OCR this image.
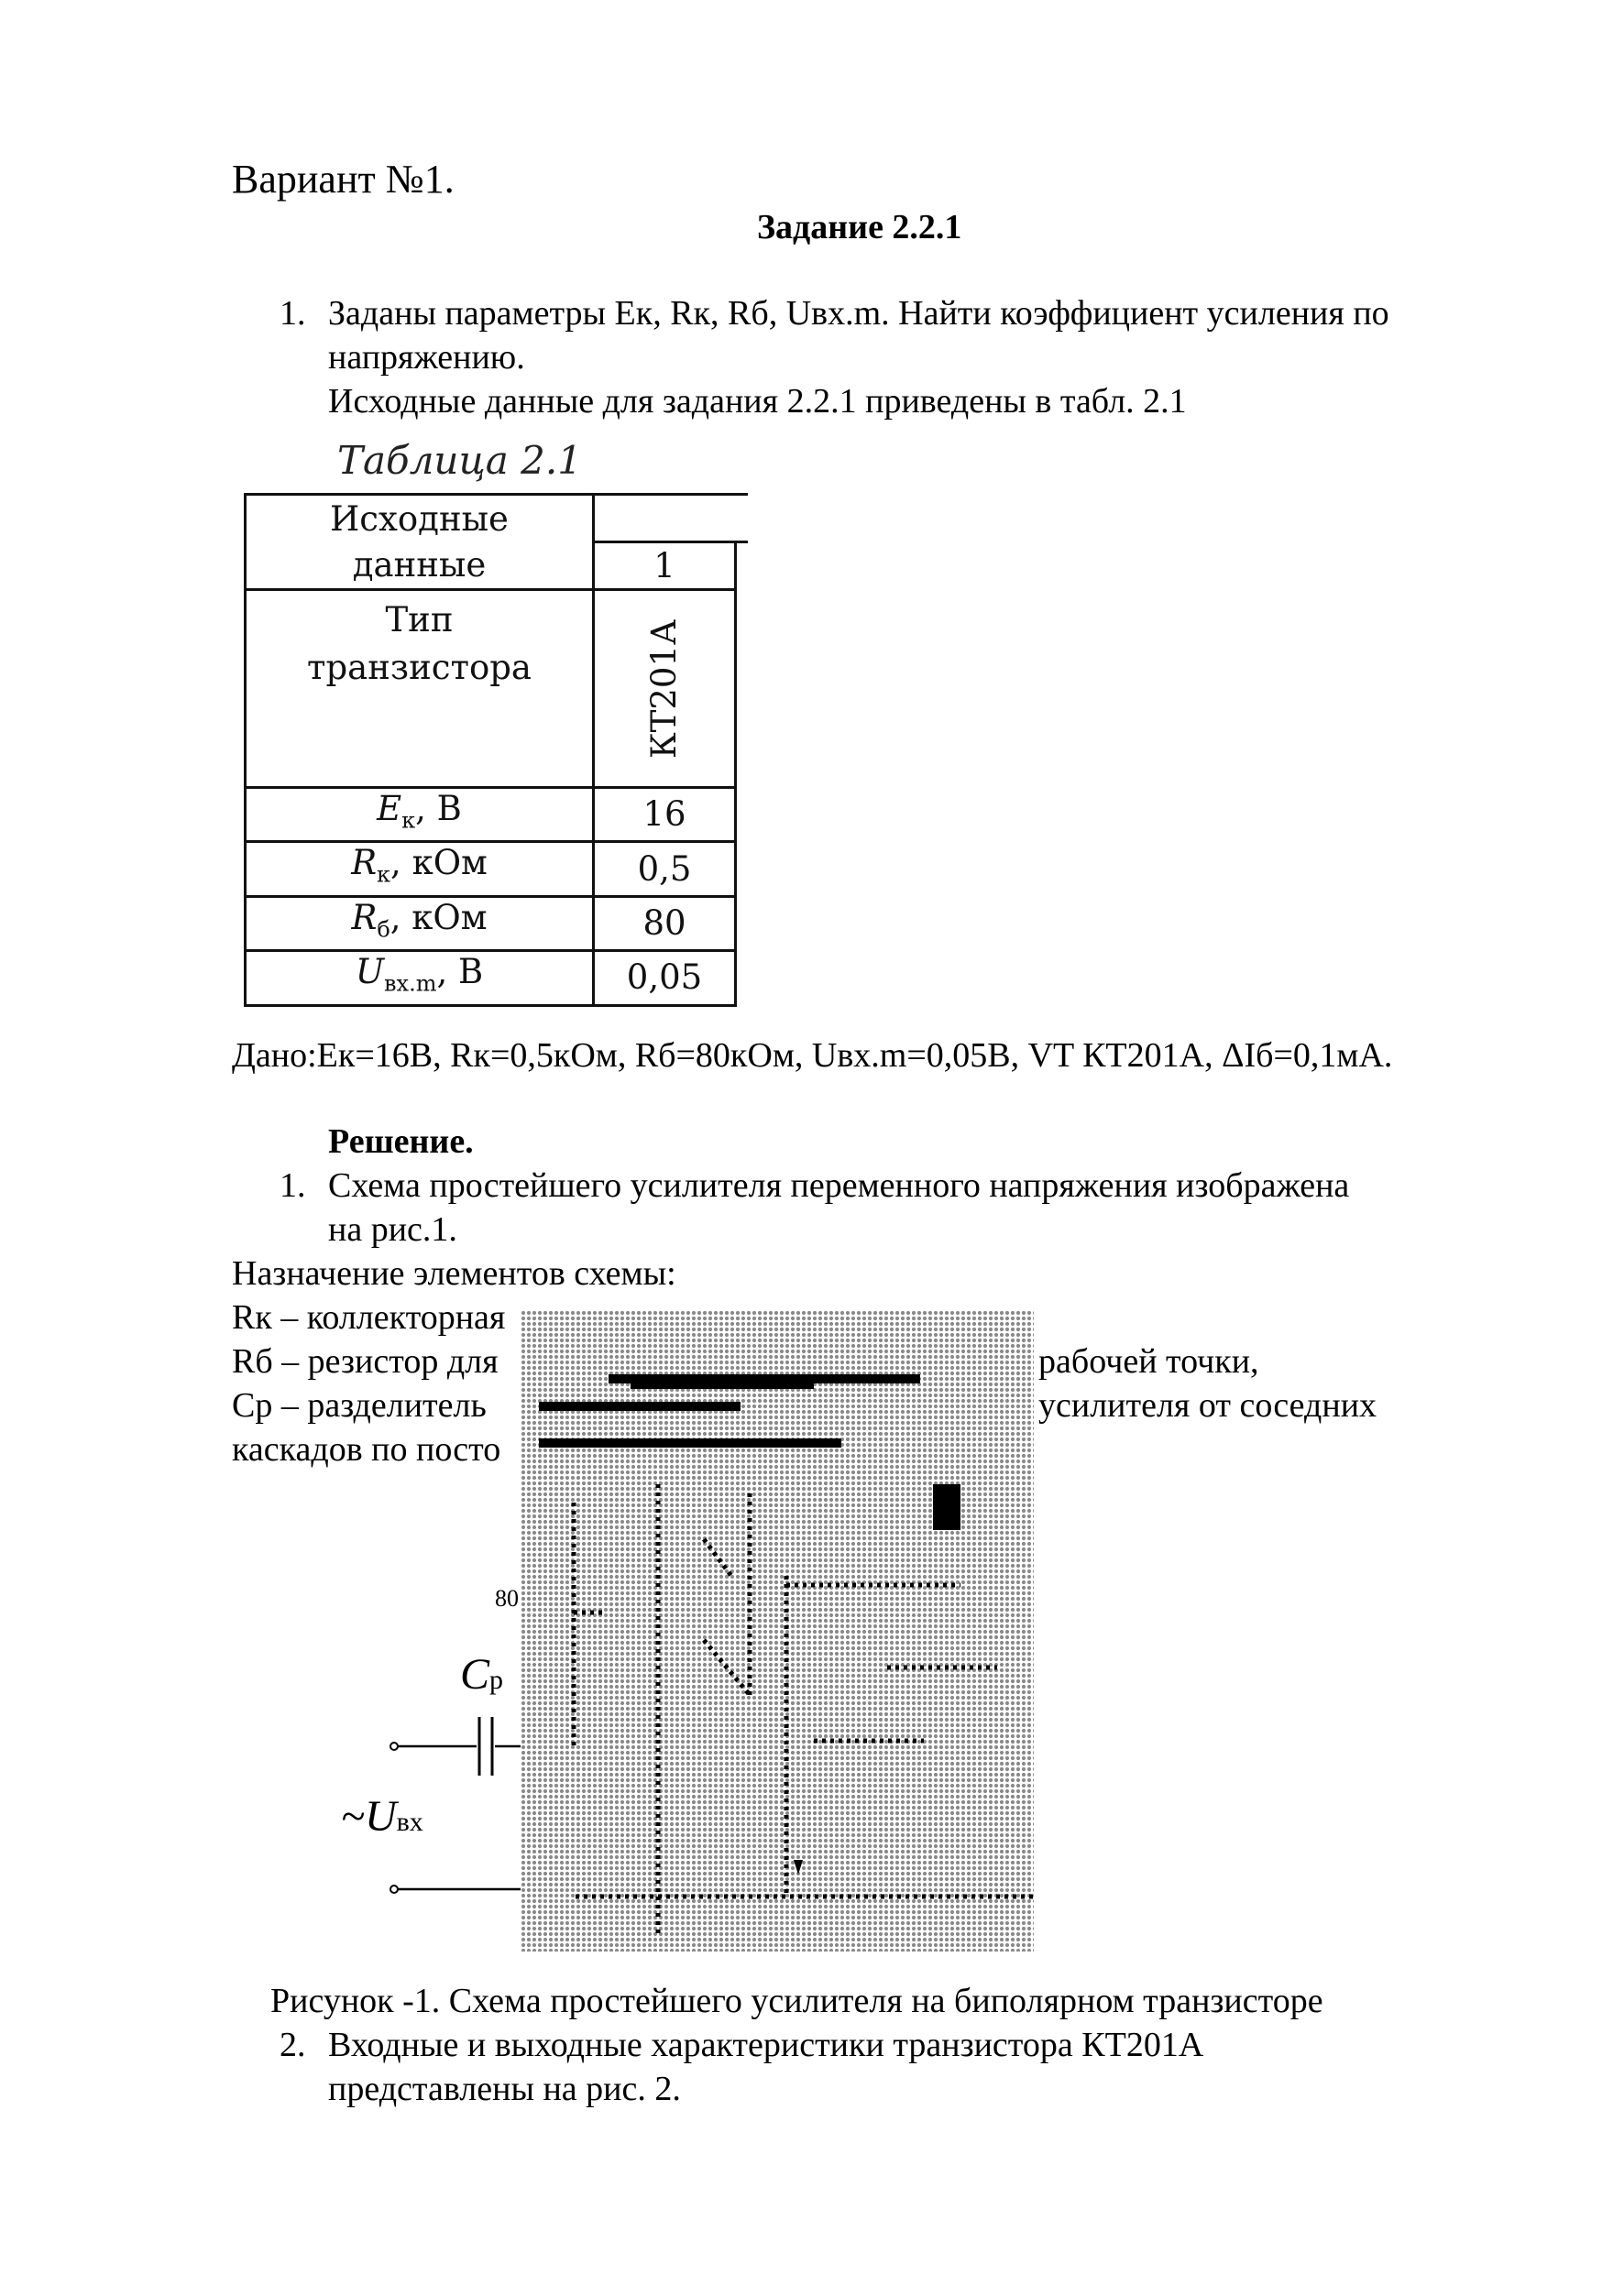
Вариант №1.
Задание 2.2.1
1. Заданы параметры Ек, Rк, Rб, Uвх.m. Найти коэффициент усиления по
напряжению.
Исходные данные для задания 2.2.1 приведены в табл. 2.1
Таблица 2.1
Исходные данные		
	1	
Тип транзистора	КТ201А	
$E_к$, В	16	
$R_к$, кОм	0,5	
$R_б$, кОм	80	
$U_{вх.m}$, В	0,05	
Дано:Ек=16В, Rк=0,5кОм, Rб=80кОм, Uвх.m=0,05В, VT КТ201А, ΔIб=0,1мА.
Решение.
1. Схема простейшего усилителя переменного напряжения изображена
на рис.1.
Назначение элементов схемы:
Rк – коллекторная
Rб – резистор для	рабочей точки,
Ср – разделитель	усилителя от соседних
каскадов по посто
80
Cр
~Uвх
Рисунок -1. Схема простейшего усилителя на биполярном транзисторе
2. Входные и выходные характеристики транзистора КТ201А
представлены на рис. 2.
